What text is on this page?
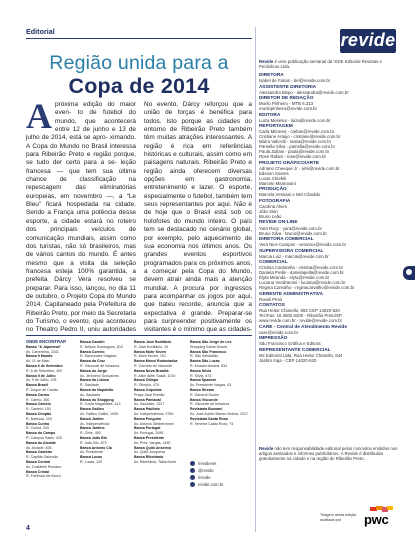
Editorial
Região unida para a
Copa de 2014

Apróxima edição do maior even- to de futebol do mundo, que acontecerá entre 12 de junho e 13 de julho de 2014, está se apro- ximando. A Copa do Mundo no Brasil interessa para Ribeirão Preto e região porque, se tudo der certo para a se- leção francesa — que tem sua última chance de classificação na repescagem das eliminatórias europeias, em novembro —, a “Le Bleu” ficará hospedada na cidade. Sendo a França uma potência desse esporte, a cidade estará no roteiro dos principais veículos de comunicação mundiais, assim como dos turistas, não só brasileiros, mas de vários cantos do mundo. É antes mesmo que a visita da seleção francesa esteja 100% garantida, a prefeita Dárcy Vera resolveu se preparar. Para isso, lançou, no dia 11 de outubro, o Projeto Copa do Mundo 2014. Capitaneado pela Prefeitura de Ribeirão Preto, por meio da Secretaria do Turismo, o evento, que aconteceu no Theatro Pedro II, uniu autoridades

No evento, Dárcy reforçou que a união de forças é benéfica para todos. Isto porque as cidades do entorno de Ribeirão Preto também têm muitas atrações interessantes. A região é rica em referências históricas e culturais, assim como em paisagens naturais. Ribeirão Preto e região ainda oferecem diversas opções em gastronomia, entretenimento e lazer. O esporte, especialmente o futebol, também tem seus representantes por aqui. Não é de hoje que o Brasil está sob os holofotes do mundo inteiro. O país tem se destacado no cenário global, por exemplo, pelo aquecimento de sua economia nos últimos anos. Os grandes eventos esportivos programados para os próximos anos, a começar pela Copa do Mundo, devem atrair ainda mais a atenção mundial. A procura por ingressos para acompanhar os jogos por aqui, que bateu recorde, anuncia que a expectativa é grande. Preparar-se para surpreender positivamente os visitantes é o mínimo que as cidades-

ONDE ENCONTRAR
Banca "A Japonesa"
Av. Carrerinha, 2341
Banca 9 Mundo
Av. 11 de Maio
Banca 6 de Setembro
R. 6 de Setembro, 400
Banca 9 de Julho
Av. 9 de Julho, 378
Banca Brasil
R. Duque de Caxias
Banca Carmo
R. Carmo, 360
Banca Castelo
R. Castelo, 150
Banca Chopão
R. Barbosa, 100
Banca Cunha
R. Cunha, 200
Banca do Campo
R. Campos Sales, 425
Banca do Alcalde
Av. Alcalde, 835
Banca Castelar
R. Capitão Salomão
Banca Central
Av. Costábile Romano
Banca Cristal
R. Florêncio de Abreu
Banca Cavalin
R. Nelson Domingues, 812
Banca Correio
R. Marcondes Salgado
Banca da Cruz
R. Visconde de Inhaúma
Banca do Jorge
Av. Jerônimo Gonçalves
Banca do Lisboa
R. Saudade
Banca do Napoleão
Av. Saudade
Banca do Shopping
R. Costa Magalhães, 413
Banca Galileu
Av. Galileu Galilei, 1005
Banca Jardim
Av. Independência
Banca Jardins
R. Chile, 450
Banca João Bin
R. João Bin, 870
Banca Antonio Cia
Av. Presidente
Banca Lucas
R. Lucas, 120
Banca José Bonifácio
R. José Bonifácio, 15
Banca Mohr Kezen
R. Mohr Kezen, 101
Banca Mossi Rodovianka
R. Cerrado do Visconde
Banca Nova Brasília
R. Alice Além Saadi, 1010
Banca Olimpo
R. Olímpio, 470
Banca Orquídea
Praça José Romão
Banca Pantanal
Av. Saudade, 1227
Banca Paulista
Av. Independência, 3780
Banca Penguim
Av. Antonio Diederichsen
Banca Portugal
Av. Portugal, 2095
Banca Presidente
Av. Pres. Vargas, 1490
Banca Quiló Anselmo
Av. Quiló Junqueira
Banca Ribeirânia
Av. Ribeirânia, Taiba Norte
Banca São Jorge de Lex
Shopping Santa Úrsula
Banca São Francisco
R. São Sebastião
Banca São Lucas
R. Amador Amaral, 634
Banca Sílvia
R. Sílvia, 874
Banca Spadoni
Av. Presidente Vargas, 43
Banca Stream
R. General Osório
Banca Visconde
R. Visconde de Inhaúma
Revistaria Busnani
Av. José Adolfo Bianco Molina, 2317
Revistaria Santa Rosa
R. Tenente Catão Roxo, 74
/revidenet
@revide
/revide
revide.com.br
4
revide
Revide é uma publicação semanal da VIDE Editorial Revistas e Periódicos Ltda.
DIRETORA
Isabel de Farias - bel@revide.com.br
ASSISTENTE DIRETORIA
Alessandra Bispo - alessandra@revide.com.br
DIRETOR DE REDAÇÃO
Murilo Pinheiro - MTB 6.313
murilopinheiro@revide.com.br
EDITORA
Luiza Meireles - luiza@revide.com.br
REPORTAGEM
Carla Mimessi - carlam@revide.com.br
Cristiane Araújo - cristiane@revide.com.br
Maíra Valicelli - maira@revide.com.br
Pamella Silva - pamella@revide.com.br
Paula Zullani - paula@revide.com.br
Rose Rafani - rose@revide.com.br
PROJETO GRÁFICO/ARTE
Adriano Cheeque Jr - arte@revide.com.br
Edeson Soares
Lucas Chiefeli
Marcelo Mantovani
PRODUÇÃO
Marcela Versiani e Mel Cândido
FOTOGRAFIA
Carolina Alves
Júlio Sian
Bruno Leão
REVIDE ON-LINE
Yara Racy - yara@revide.com.br
Bruno Silva - bruno@revide.com.br
DIRETORA COMERCIAL
Vera Nice Campos - veranice@revide.com.br
SUPERVISORA COMERCIAL
Marcia Luiz - marcia@revide.com.br
COMERCIAL
Cristina Cantarella - cristina@revide.com.br
Daniela Prelle - danielapella@revide.com.br
Elyta Miranda - elyta@revide.com.br
Luciana Vendramini - luciana@revide.com.br
Regina Carvalho - reginacarvalho@revide.com.br
GERENTE ADMINISTRATIVA
Roseli Pires
CONTATOS
Rua Heitor Chiarello, 882 CEP 14020-520
Tel./Fax: 16 3602.5200 - Ribeirão Preto/SP
www.revide.com.br - revide@revide.com.br
CARE - Central de Atendimento Revide
care@revide.com.br
IMPRESSÃO
São Francisco Gráfica e Editora
REPRESENTANTE COMERCIAL
Mc Editorial Ltda. Rua Heitor Chiarello, 844
Jardim Iraja - CEP 14020-520
Revide não tem responsabilidade editorial pelos conceitos emitidos nos artigos assinados e informes publicitários. A Revide é distribuída gratuitamente na cidade e na região de Ribeirão Preto.
Tiragem desta edição auditada por	pwc
